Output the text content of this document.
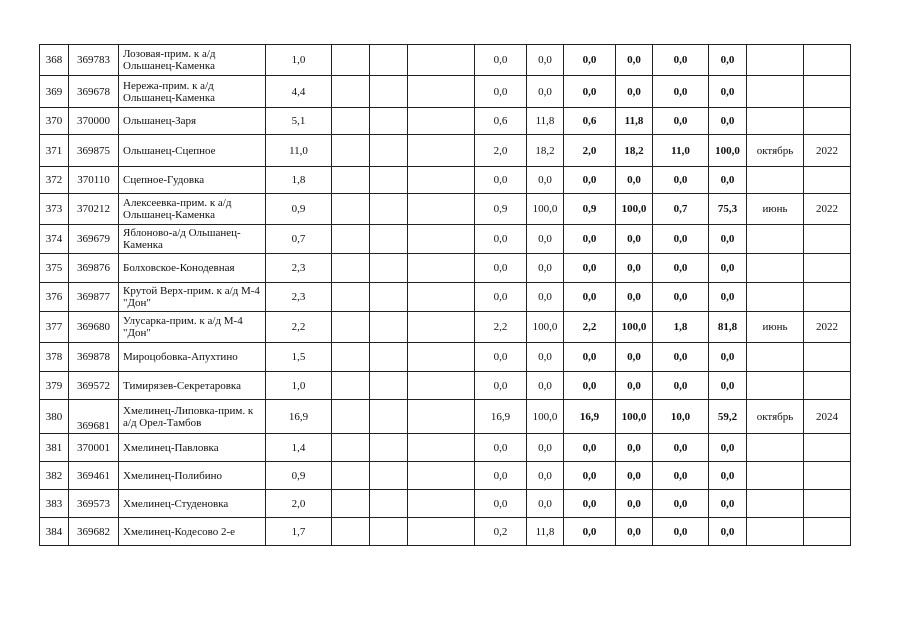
368	369783	Лозовая-прим. к а/д Ольшанец-Каменка	1,0				0,0	0,0	0,0	0,0	0,0	0,0		
369	369678	Нережа-прим. к а/д Ольшанец-Каменка	4,4				0,0	0,0	0,0	0,0	0,0	0,0		
370	370000	Ольшанец-Заря	5,1				0,6	11,8	0,6	11,8	0,0	0,0		
371	369875	Ольшанец-Сцепное	11,0				2,0	18,2	2,0	18,2	11,0	100,0	октябрь	2022
372	370110	Сцепное-Гудовка	1,8				0,0	0,0	0,0	0,0	0,0	0,0		
373	370212	Алексеевка-прим. к а/д Ольшанец-Каменка	0,9				0,9	100,0	0,9	100,0	0,7	75,3	июнь	2022
374	369679	Яблоново-а/д Ольшанец-Каменка	0,7				0,0	0,0	0,0	0,0	0,0	0,0		
375	369876	Болховское-Конодевная	2,3				0,0	0,0	0,0	0,0	0,0	0,0		
376	369877	Крутой Верх-прим. к а/д М-4 "Дон"	2,3				0,0	0,0	0,0	0,0	0,0	0,0		
377	369680	Улусарка-прим. к а/д М-4 "Дон"	2,2				2,2	100,0	2,2	100,0	1,8	81,8	июнь	2022
378	369878	Мироцобовка-Апухтино	1,5				0,0	0,0	0,0	0,0	0,0	0,0		
379	369572	Тимирязев-Секретаровка	1,0				0,0	0,0	0,0	0,0	0,0	0,0		
380	369681	Хмелинец-Липовка-прим. к а/д Орел-Тамбов	16,9				16,9	100,0	16,9	100,0	10,0	59,2	октябрь	2024
381	370001	Хмелинец-Павловка	1,4				0,0	0,0	0,0	0,0	0,0	0,0		
382	369461	Хмелинец-Полибино	0,9				0,0	0,0	0,0	0,0	0,0	0,0		
383	369573	Хмелинец-Студеновка	2,0				0,0	0,0	0,0	0,0	0,0	0,0		
384	369682	Хмелинец-Кодесово 2-е	1,7				0,2	11,8	0,0	0,0	0,0	0,0		
